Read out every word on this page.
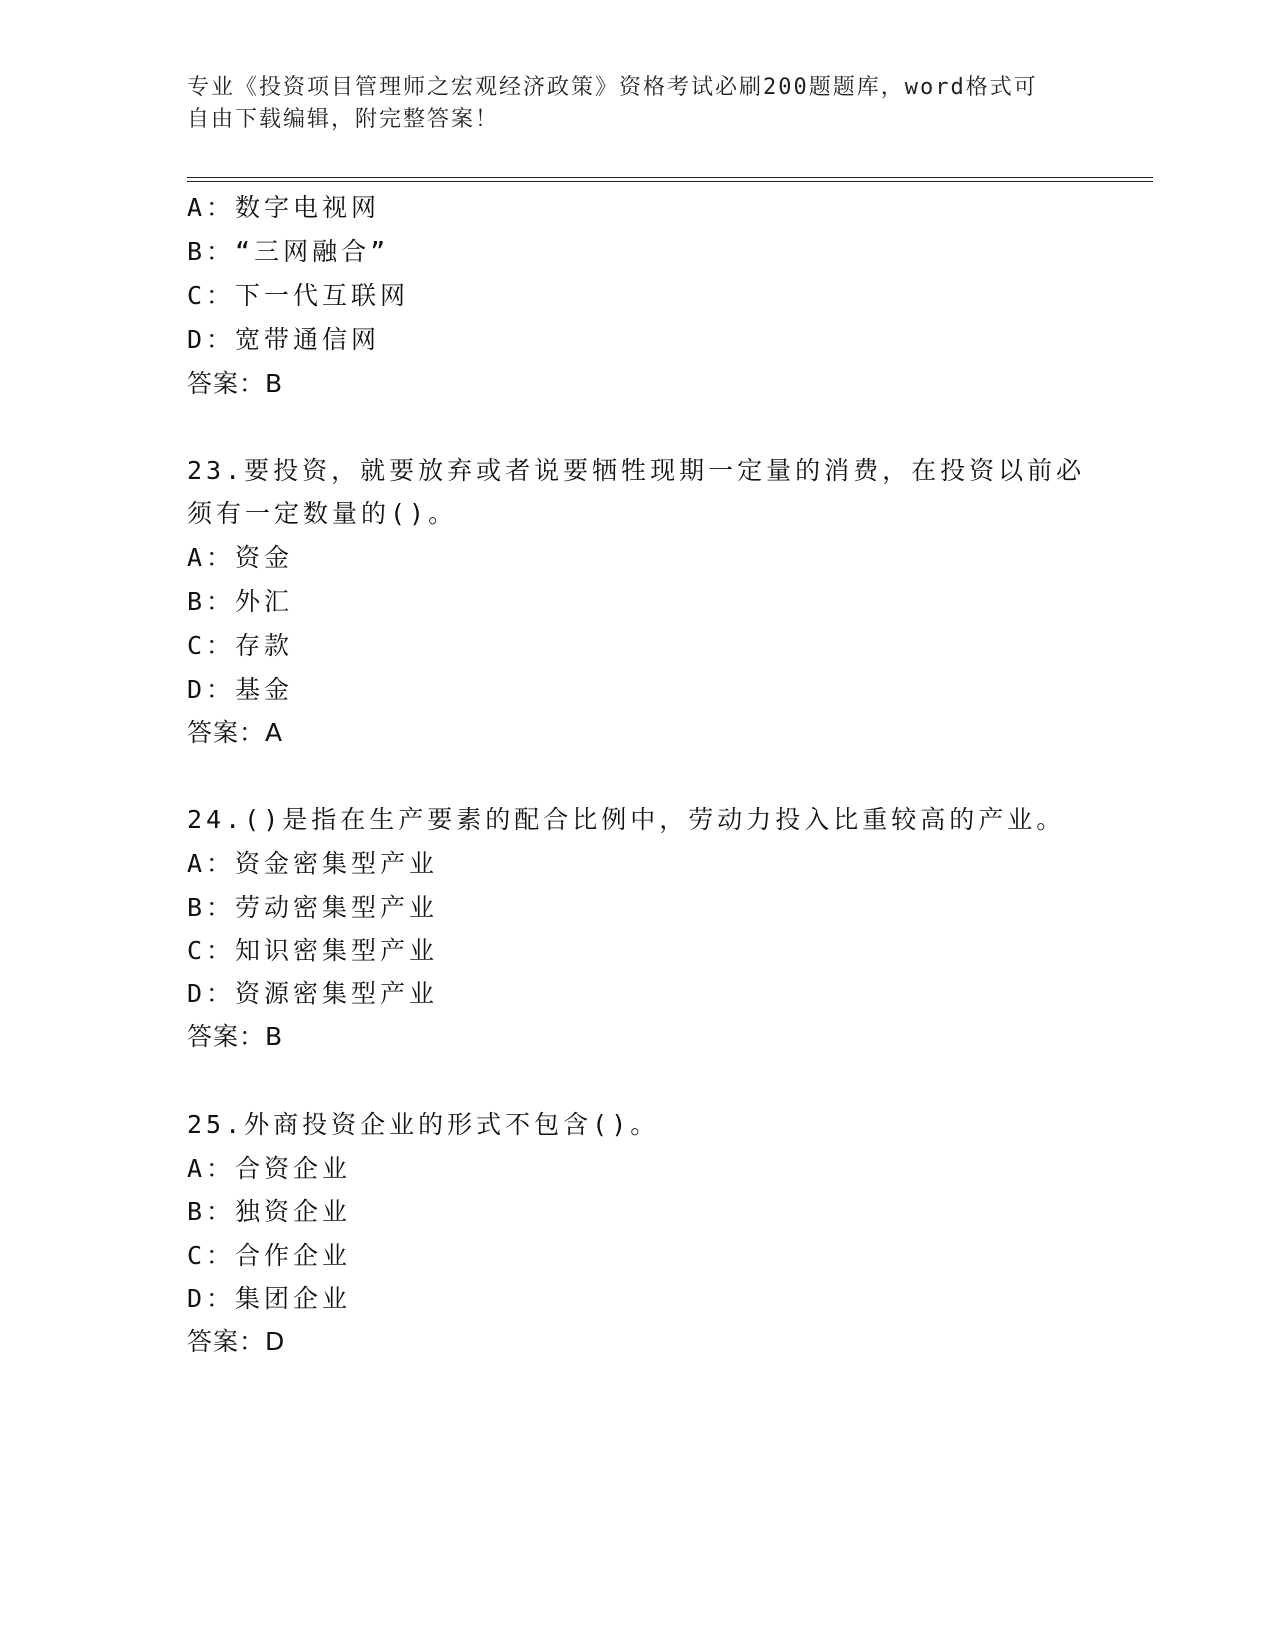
专业《投资项目管理师之宏观经济政策》资格考试必刷200题题库，word格式可
自由下载编辑，附完整答案！
A：数字电视网
B：“三网融合”
C：下一代互联网
D：宽带通信网
答案：B
23.要投资，就要放弃或者说要牺牲现期一定量的消费，在投资以前必
须有一定数量的()。
A：资金
B：外汇
C：存款
D：基金
答案：A
24.()是指在生产要素的配合比例中，劳动力投入比重较高的产业。
A：资金密集型产业
B：劳动密集型产业
C：知识密集型产业
D：资源密集型产业
答案：B
25.外商投资企业的形式不包含()。
A：合资企业
B：独资企业
C：合作企业
D：集团企业
答案：D
